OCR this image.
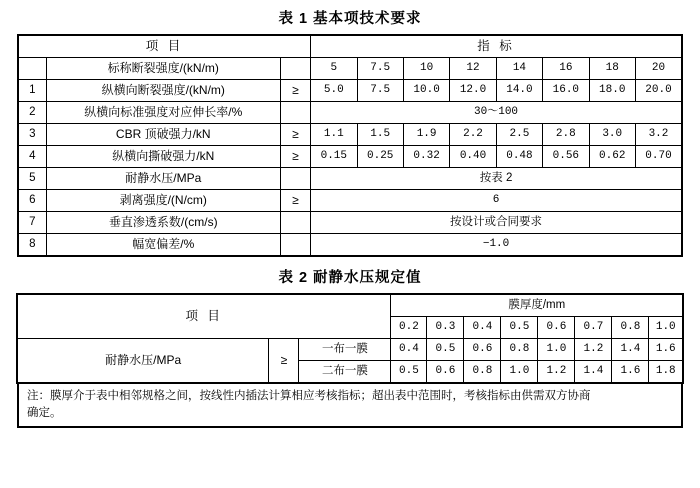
表 1 基本项技术要求
项 目			指 标							
	标称断裂强度/(kN/m)		5	7.5	10	12	14	16	18	20
1	纵横向断裂强度/(kN/m)	≥	5.0	7.5	10.0	12.0	14.0	16.0	18.0	20.0
2	纵横向标准强度对应伸长率/%		30～100							
3	CBR 顶破强力/kN	≥	1.1	1.5	1.9	2.2	2.5	2.8	3.0	3.2
4	纵横向撕破强力/kN	≥	0.15	0.25	0.32	0.40	0.48	0.56	0.62	0.70
5	耐静水压/MPa		按表 2							
6	剥离强度/(N/cm)	≥	6							
7	垂直渗透系数/(cm/s)		按设计或合同要求							
8	幅宽偏差/%		−1.0							
表 2 耐静水压规定值
项 目			膜厚度/mm							
			0.2	0.3	0.4	0.5	0.6	0.7	0.8	1.0
耐静水压/MPa	≥	一布一膜	0.4	0.5	0.6	0.8	1.0	1.2	1.4	1.6
		二布一膜	0.5	0.6	0.8	1.0	1.2	1.4	1.6	1.8
注：膜厚介于表中相邻规格之间，按线性内插法计算相应考核指标；超出表中范围时，考核指标由供需双方协商
确定。
